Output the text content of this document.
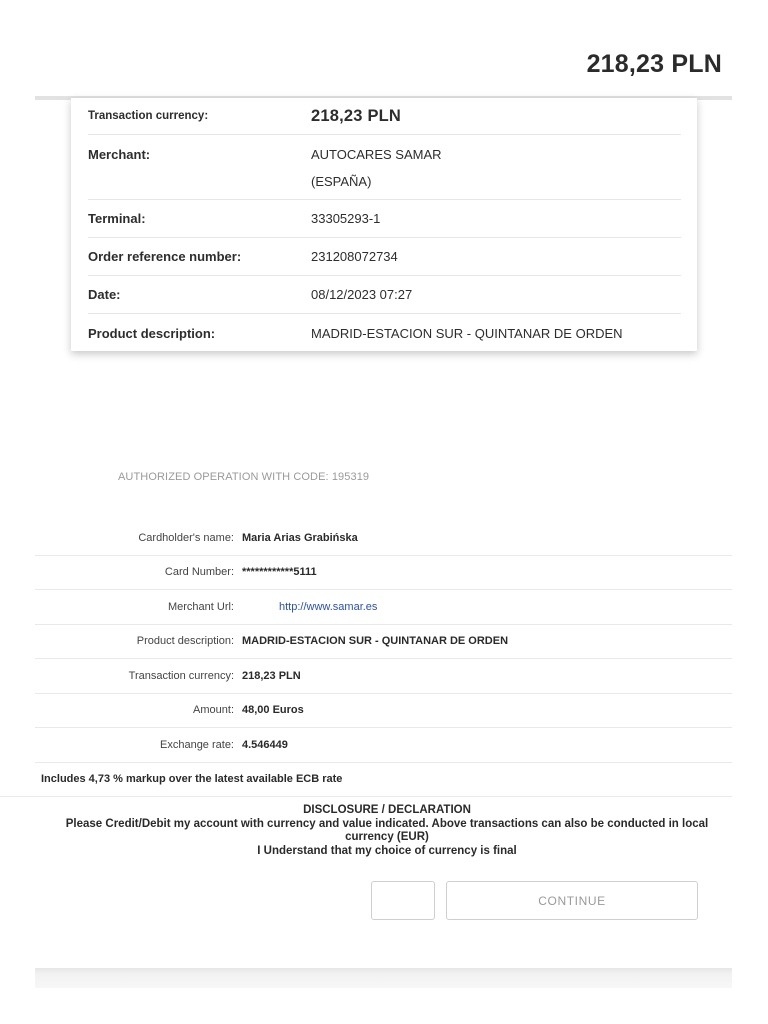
218,23 PLN
Transaction currency:	218,23 PLN
Merchant:	AUTOCARES SAMAR
(ESPAÑA)
Terminal:	33305293-1
Order reference number:	231208072734
Date:	08/12/2023 07:27
Product description:	MADRID-ESTACION SUR - QUINTANAR DE ORDEN
AUTHORIZED OPERATION WITH CODE: 195319
Cardholder's name: Maria Arias Grabińska
Card Number: ************5111
Merchant Url:	http://www.samar.es
Product description: MADRID-ESTACION SUR - QUINTANAR DE ORDEN
Transaction currency: 218,23 PLN
Amount: 48,00 Euros
Exchange rate: 4.546449
Includes 4,73 % markup over the latest available ECB rate
DISCLOSURE / DECLARATION
Please Credit/Debit my account with currency and value indicated. Above transactions can also be conducted in local currency (EUR)
I Understand that my choice of currency is final
CONTINUE
